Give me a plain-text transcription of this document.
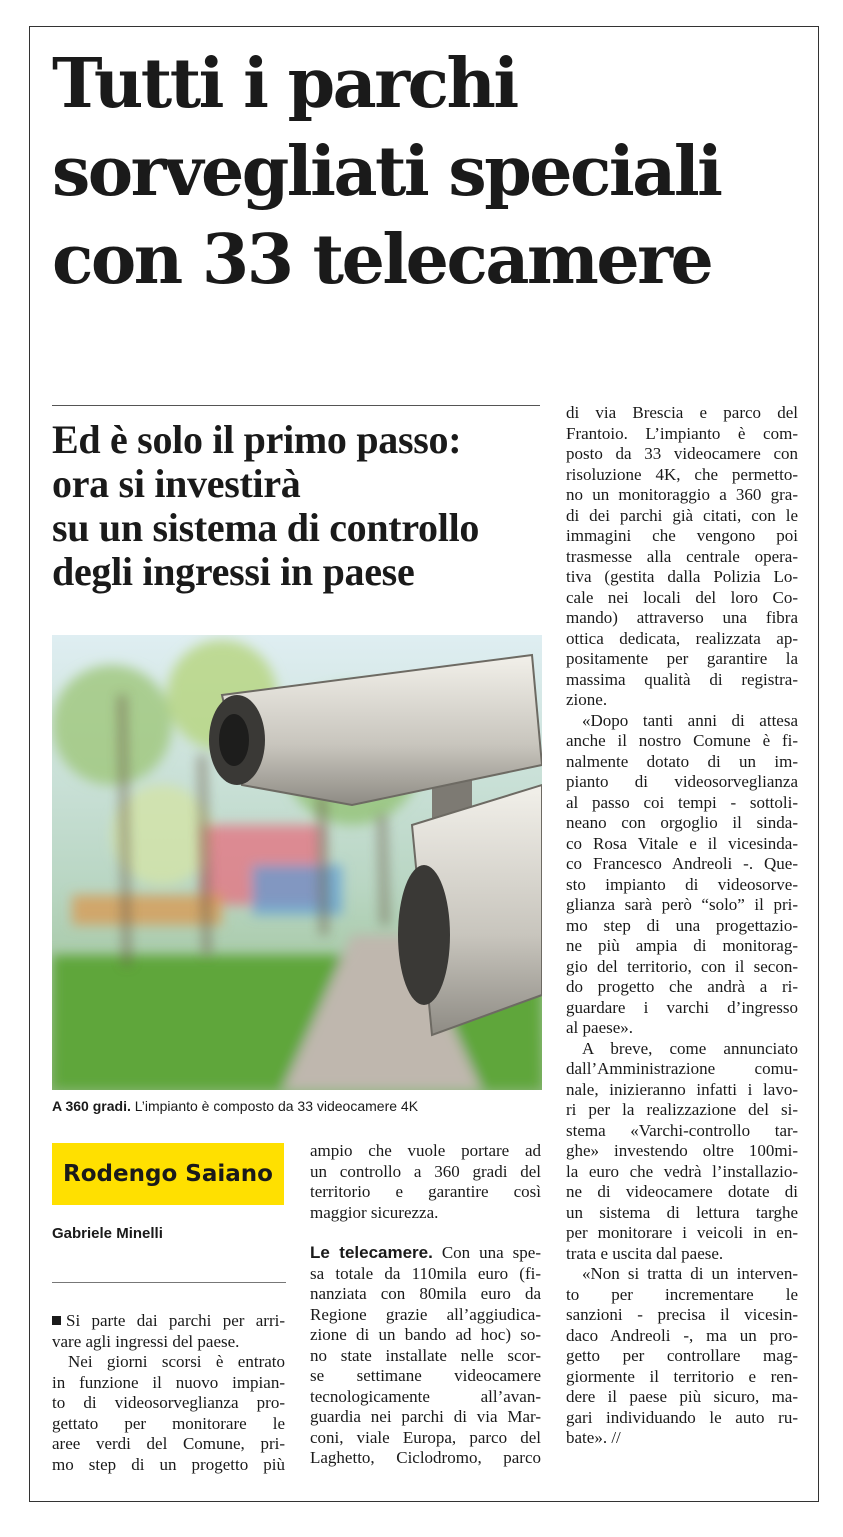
Tutti i parchi
sorvegliati speciali
con 33 telecamere
Ed è solo il primo passo:
ora si investirà
su un sistema di controllo
degli ingressi in paese
A 360 gradi. L’impianto è composto da 33 videocamere 4K
Rodengo Saiano
Gabriele Minelli
Si parte dai parchi per arri-
vare agli ingressi del paese.
Nei giorni scorsi è entrato
in funzione il nuovo impian-
to di videosorveglianza pro-
gettato per monitorare le
aree verdi del Comune, pri-
mo step di un progetto più
ampio che vuole portare ad
un controllo a 360 gradi del
territorio e garantire così
maggior sicurezza.
Le telecamere. Con una spe-
sa totale da 110mila euro (fi-
nanziata con 80mila euro da
Regione grazie all’aggiudica-
zione di un bando ad hoc) so-
no state installate nelle scor-
se settimane videocamere
tecnologicamente all’avan-
guardia nei parchi di via Mar-
coni, viale Europa, parco del
Laghetto, Ciclodromo, parco
di via Brescia e parco del
Frantoio. L’impianto è com-
posto da 33 videocamere con
risoluzione 4K, che permetto-
no un monitoraggio a 360 gra-
di dei parchi già citati, con le
immagini che vengono poi
trasmesse alla centrale opera-
tiva (gestita dalla Polizia Lo-
cale nei locali del loro Co-
mando) attraverso una fibra
ottica dedicata, realizzata ap-
positamente per garantire la
massima qualità di registra-
zione.
«Dopo tanti anni di attesa
anche il nostro Comune è fi-
nalmente dotato di un im-
pianto di videosorveglianza
al passo coi tempi - sottoli-
neano con orgoglio il sinda-
co Rosa Vitale e il vicesinda-
co Francesco Andreoli -. Que-
sto impianto di videosorve-
glianza sarà però “solo” il pri-
mo step di una progettazio-
ne più ampia di monitorag-
gio del territorio, con il secon-
do progetto che andrà a ri-
guardare i varchi d’ingresso
al paese».
A breve, come annunciato
dall’Amministrazione comu-
nale, inizieranno infatti i lavo-
ri per la realizzazione del si-
stema «Varchi-controllo tar-
ghe» investendo oltre 100mi-
la euro che vedrà l’installazio-
ne di videocamere dotate di
un sistema di lettura targhe
per monitorare i veicoli in en-
trata e uscita dal paese.
«Non si tratta di un interven-
to per incrementare le
sanzioni - precisa il vicesin-
daco Andreoli -, ma un pro-
getto per controllare mag-
giormente il territorio e ren-
dere il paese più sicuro, ma-
gari individuando le auto ru-
bate». //
